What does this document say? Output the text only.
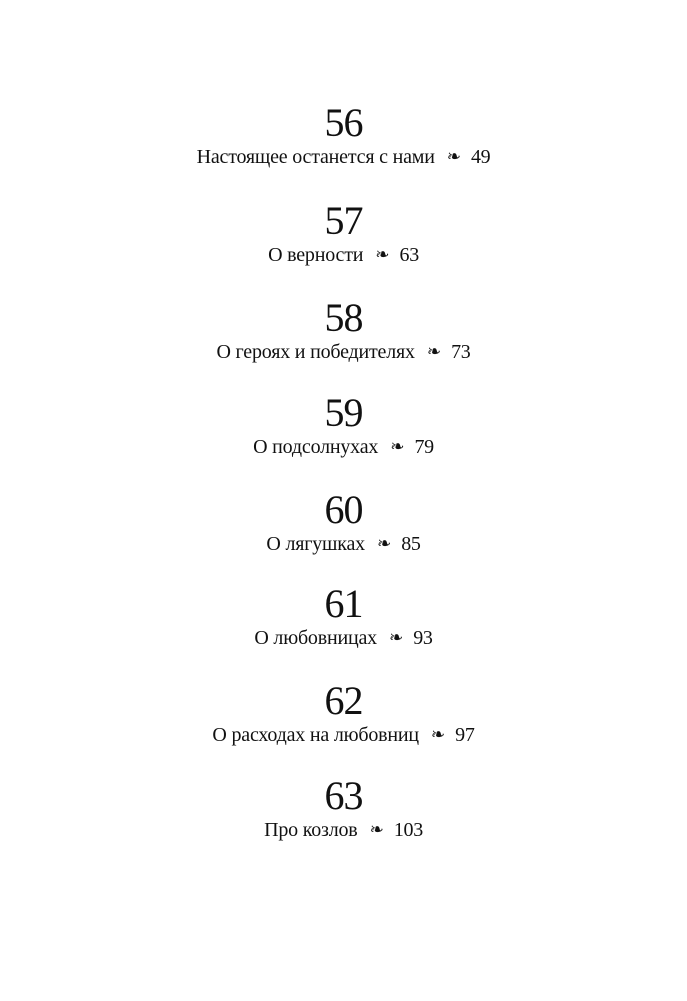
56
Настоящее останется с нами ❧ 49
57
О верности ❧ 63
58
О героях и победителях ❧ 73
59
О подсолнухах ❧ 79
60
О лягушках ❧ 85
61
О любовницах ❧ 93
62
О расходах на любовниц ❧ 97
63
Про козлов ❧ 103
